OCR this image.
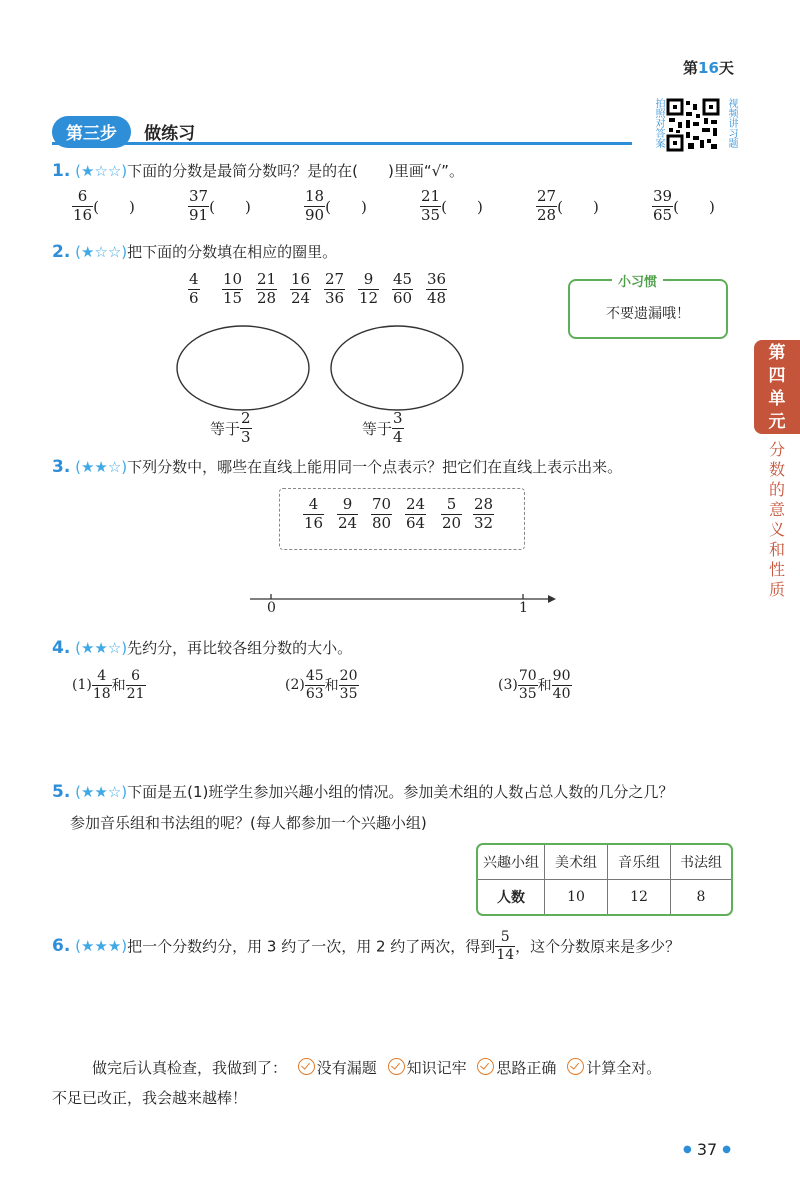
第16天
第三步 做练习	拍照对答案	视频讲习题
1. (★☆☆)下面的分数是最简分数吗？是的在(　　)里画“√”。
$\frac{6}{16}$ (　　)	$\frac{37}{91}$ (　　)	$\frac{18}{90}$ (　　)	$\frac{21}{35}$ (　　)	$\frac{27}{28}$ (　　)	$\frac{39}{65}$ (　　)
2. (★☆☆)把下面的分数填在相应的圈里。
$\frac{4}{6} \frac{10}{15} \frac{21}{28} \frac{16}{24} \frac{27}{36} \frac{9}{12} \frac{45}{60} \frac{36}{48}$
等于 $\frac{2}{3}$	等于 $\frac{3}{4}$
小习惯
不要遗漏哦！
第四单元
分数的意义和性质
3. (★★☆)下列分数中，哪些在直线上能用同一个点表示？把它们在直线上表示出来。
$\frac{4}{16} \frac{9}{24} \frac{70}{80} \frac{24}{64} \frac{5}{20} \frac{28}{32}$
0	1
4. (★★☆)先约分，再比较各组分数的大小。
$(1) \frac{4}{18}$ 和 $\frac{6}{21}$	$(2) \frac{45}{63}$ 和 $\frac{20}{35}$	$(3) \frac{70}{35}$ 和 $\frac{90}{40}$
5. (★★☆)下面是五(1)班学生参加兴趣小组的情况。参加美术组的人数占总人数的几分之几？
参加音乐组和书法组的呢？(每人都参加一个兴趣小组)
兴趣小组	美术组	音乐组	书法组
人数	10	12	8
6. (★★★)把一个分数约分，用 3 约了一次，用 2 约了两次，得到 $\frac{5}{14}$ ，这个分数原来是多少？
做完后认真检查，我做到了： 没有漏题 知识记牢 思路正确 计算全对。
不足已改正，我会越来越棒！
● 37 ●
